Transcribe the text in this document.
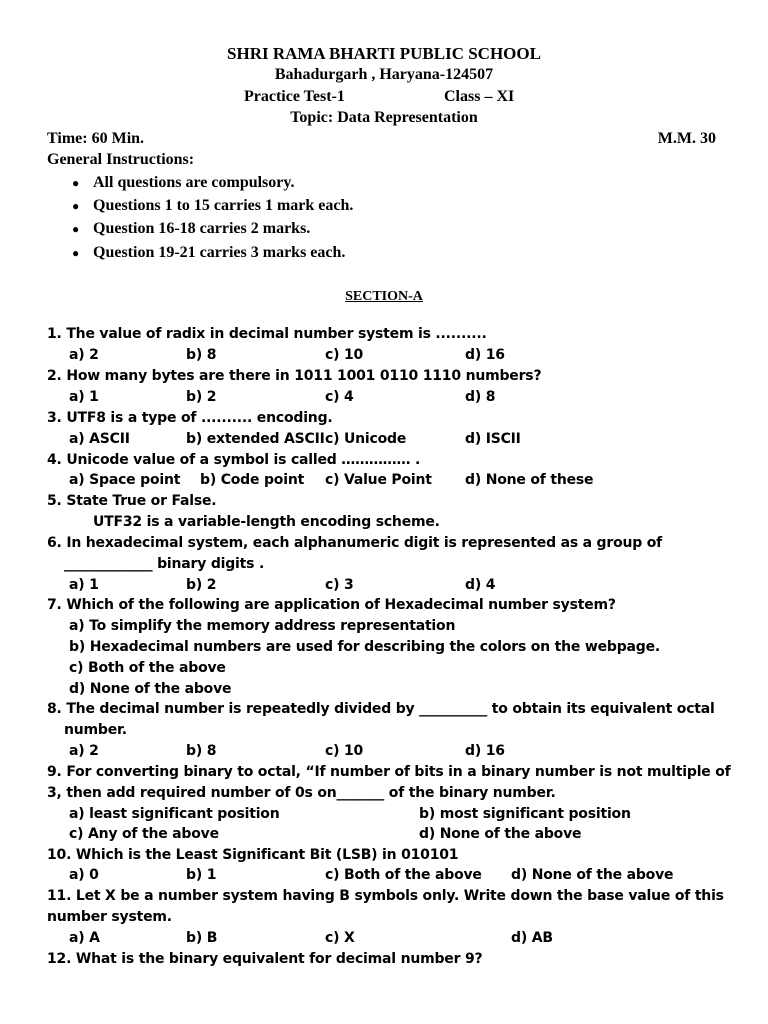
SHRI RAMA BHARTI PUBLIC SCHOOL
Bahadurgarh , Haryana-124507
Practice Test-1	Class – XI
Topic: Data Representation
Time: 60 Min.	M.M. 30
General Instructions:
● All questions are compulsory.
● Questions 1 to 15 carries 1 mark each.
● Question 16-18 carries 2 marks.
● Question 19-21 carries 3 marks each.
SECTION-A
1. The value of radix in decimal number system is ..........
a) 2	b) 8	c) 10	d) 16
2. How many bytes are there in 1011 1001 0110 1110 numbers?
a) 1	b) 2	c) 4	d) 8
3. UTF8 is a type of .......... encoding.
a) ASCII	b) extended ASCII c) Unicode	d) ISCII
4. Unicode value of a symbol is called …………… .
a) Space point b) Code point c) Value Point d) None of these
5. State True or False.
UTF32 is a variable-length encoding scheme.
6. In hexadecimal system, each alphanumeric digit is represented as a group of
_____________ binary digits .
a) 1	b) 2	c) 3	d) 4
7. Which of the following are application of Hexadecimal number system?
a) To simplify the memory address representation
b) Hexadecimal numbers are used for describing the colors on the webpage.
c) Both of the above
d) None of the above
8. The decimal number is repeatedly divided by __________ to obtain its equivalent octal
number.
a) 2	b) 8	c) 10	d) 16
9. For converting binary to octal, “If number of bits in a binary number is not multiple of
3, then add required number of 0s on_______ of the binary number.
a) least significant position	b) most significant position
c) Any of the above	d) None of the above
10. Which is the Least Significant Bit (LSB) in 010101
a) 0	b) 1	c) Both of the above d) None of the above
11. Let X be a number system having B symbols only. Write down the base value of this
number system.
a) A	b) B	c) X	d) AB
12. What is the binary equivalent for decimal number 9?
